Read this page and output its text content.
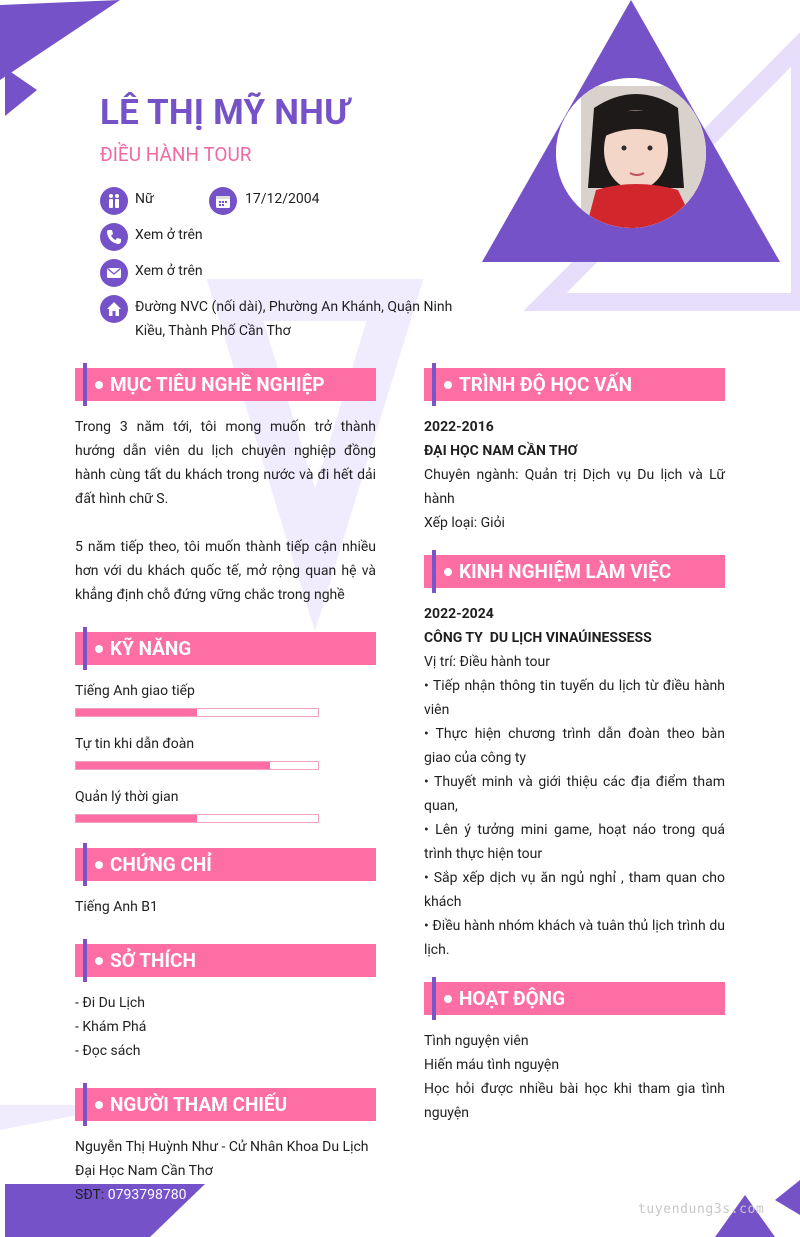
LÊ THỊ MỸ NHƯ
ĐIỀU HÀNH TOUR
Nữ	17/12/2004
Xem ở trên
Xem ở trên
Đường NVC (nối dài), Phường An Khánh, Quận Ninh
Kiều, Thành Phố Cần Thơ
MỤC TIÊU NGHỀ NGHIỆP

Trong 3 năm tới, tôi mong muốn trở thành hướng dẫn viên du lịch chuyên nghiệp đồng hành cùng tất du khách trong nước và đi hết dải đất hình chữ S.

5 năm tiếp theo, tôi muốn thành tiếp cận nhiều hơn với du khách quốc tế, mở rộng quan hệ và khẳng định chỗ đứng vững chắc trong nghề

KỸ NĂNG
Tiếng Anh giao tiếp
Tự tin khi dẫn đoàn
Quản lý thời gian
CHỨNG CHỈ
Tiếng Anh B1
SỞ THÍCH
- Đi Du Lịch
- Khám Phá
- Đọc sách
NGƯỜI THAM CHIẾU
Nguyễn Thị Huỳnh Như - Cử Nhân Khoa Du Lịch
Đại Học Nam Cần Thơ
SĐT: 0793798780
TRÌNH ĐỘ HỌC VẤN
2022-2016
ĐẠI HỌC NAM CẦN THƠ
Chuyên ngành: Quản trị Dịch vụ Du lịch và Lữ hành
Xếp loại: Giỏi
KINH NGHIỆM LÀM VIỆC
2022-2024
CÔNG TY  DU LỊCH VINAÚINESSESS
Vị trí: Điều hành tour
• Tiếp nhận thông tin tuyến du lịch từ điều hành viên
• Thực hiện chương trình dẫn đoàn theo bàn giao của công ty
• Thuyết minh và giới thiệu các địa điểm tham quan,
• Lên ý tưởng mini game, hoạt náo trong quá trình thực hiện tour
• Sắp xếp dịch vụ ăn ngủ nghỉ , tham quan cho khách
• Điều hành nhóm khách và tuân thủ lịch trình du lịch.
HOẠT ĐỘNG
Tình nguyện viên
Hiến máu tình nguyện
Học hỏi được nhiều bài học khi tham gia tình nguyện
tuyendung3s.com
